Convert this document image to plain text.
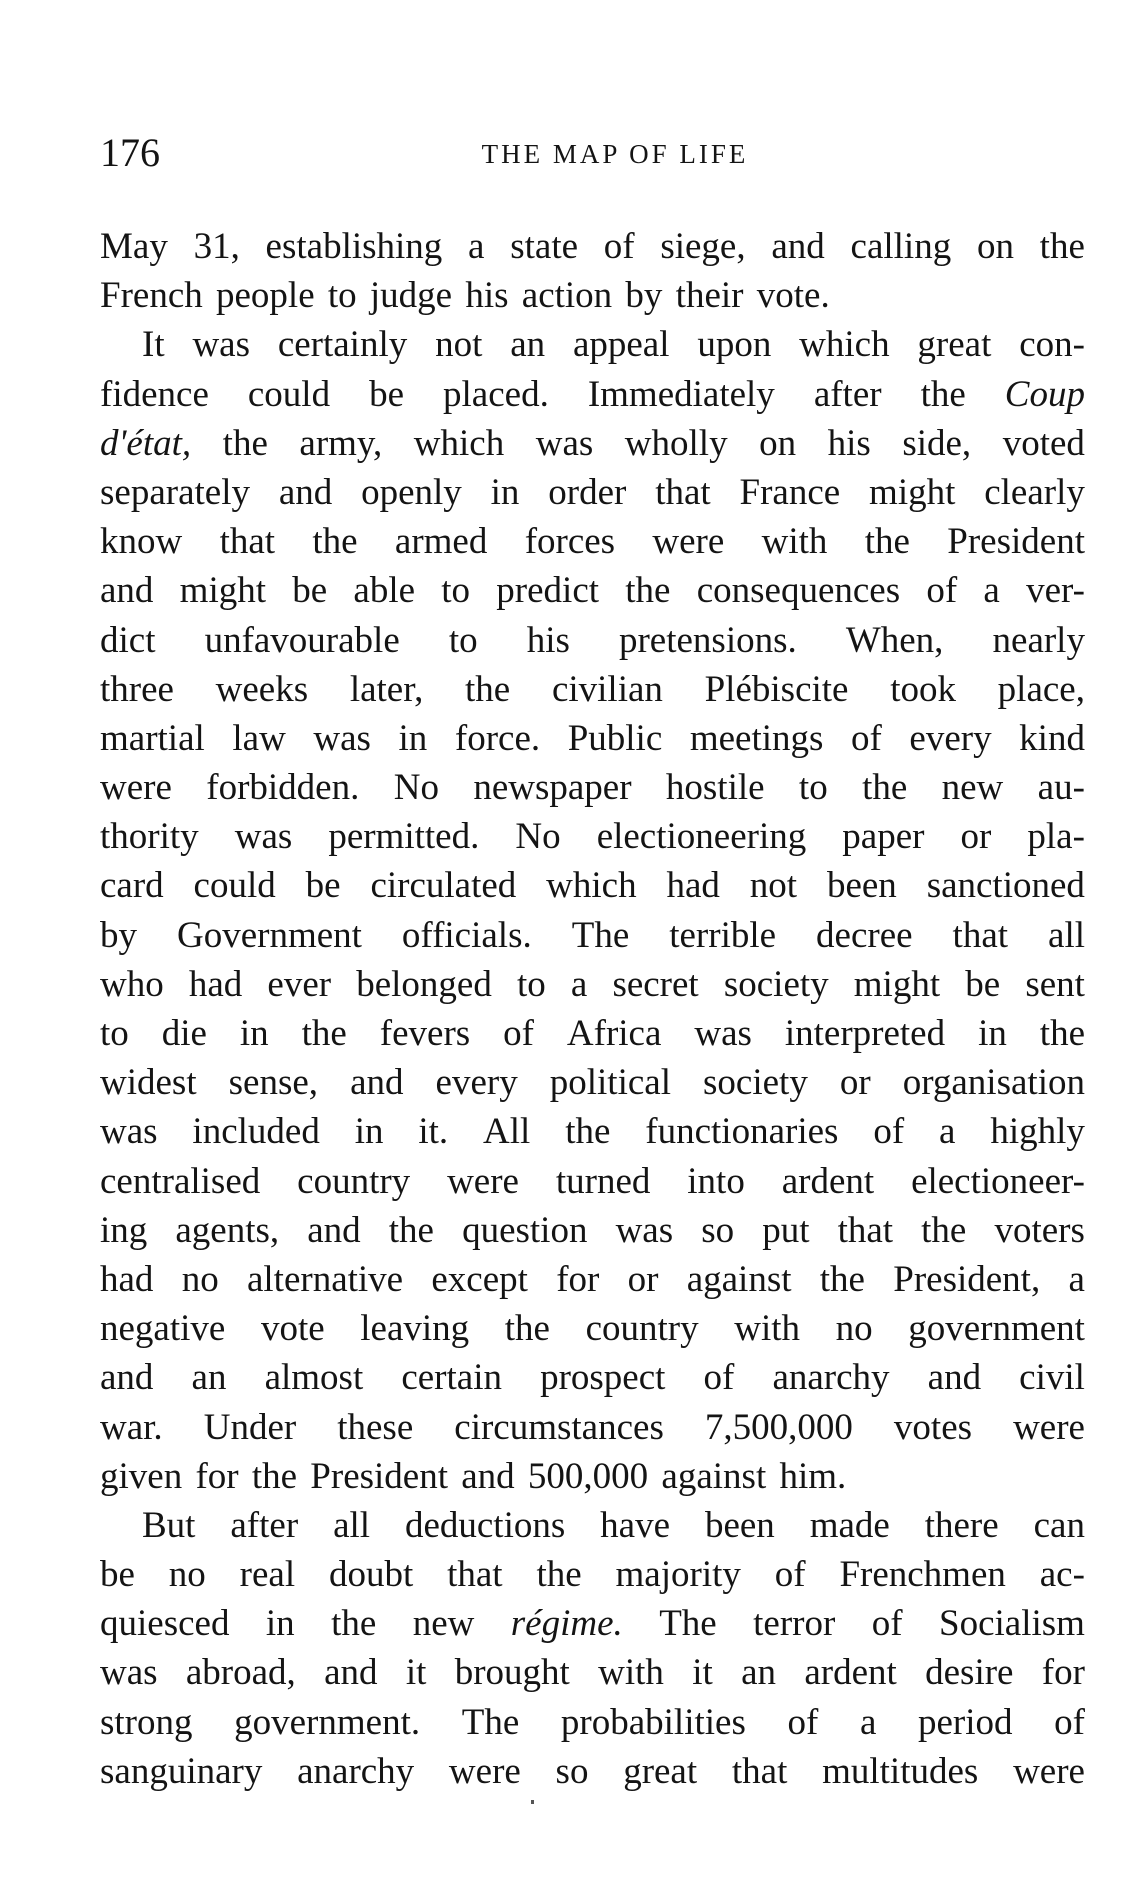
176	THE MAP OF LIFE
May 31, establishing a state of siege, and calling on the
French people to judge his action by their vote.
It was certainly not an appeal upon which great con-
fidence could be placed. Immediately after the Coup
d'état, the army, which was wholly on his side, voted
separately and openly in order that France might clearly
know that the armed forces were with the President
and might be able to predict the consequences of a ver-
dict unfavourable to his pretensions. When, nearly
three weeks later, the civilian Plébiscite took place,
martial law was in force. Public meetings of every kind
were forbidden. No newspaper hostile to the new au-
thority was permitted. No electioneering paper or pla-
card could be circulated which had not been sanctioned
by Government officials. The terrible decree that all
who had ever belonged to a secret society might be sent
to die in the fevers of Africa was interpreted in the
widest sense, and every political society or organisation
was included in it. All the functionaries of a highly
centralised country were turned into ardent electioneer-
ing agents, and the question was so put that the voters
had no alternative except for or against the President, a
negative vote leaving the country with no government
and an almost certain prospect of anarchy and civil
war. Under these circumstances 7,500,000 votes were
given for the President and 500,000 against him.
But after all deductions have been made there can
be no real doubt that the majority of Frenchmen ac-
quiesced in the new régime. The terror of Socialism
was abroad, and it brought with it an ardent desire for
strong government. The probabilities of a period of
sanguinary anarchy were so great that multitudes were
